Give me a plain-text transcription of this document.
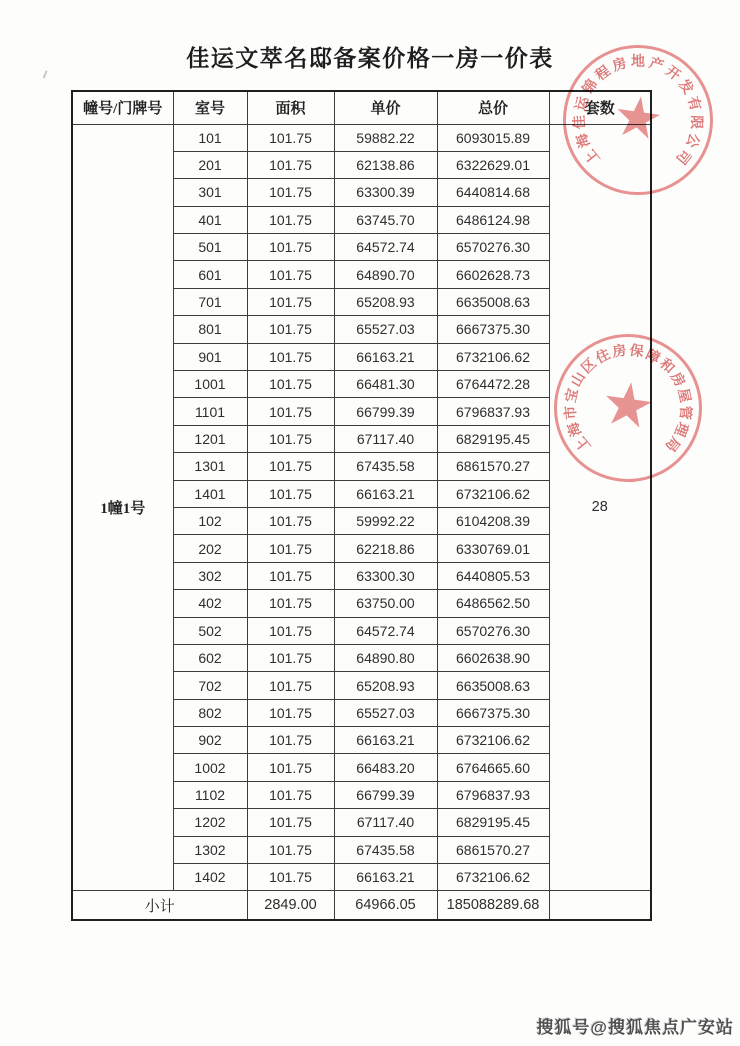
佳运文萃名邸备案价格一房一价表
幢号/门牌号	室号	面积	单价	总价	套数
1幢1号	101	101.75	59882.22	6093015.89	28
	201	101.75	62138.86	6322629.01	
	301	101.75	63300.39	6440814.68	
	401	101.75	63745.70	6486124.98	
	501	101.75	64572.74	6570276.30	
	601	101.75	64890.70	6602628.73	
	701	101.75	65208.93	6635008.63	
	801	101.75	65527.03	6667375.30	
	901	101.75	66163.21	6732106.62	
	1001	101.75	66481.30	6764472.28	
	1101	101.75	66799.39	6796837.93	
	1201	101.75	67117.40	6829195.45	
	1301	101.75	67435.58	6861570.27	
	1401	101.75	66163.21	6732106.62	
	102	101.75	59992.22	6104208.39	
	202	101.75	62218.86	6330769.01	
	302	101.75	63300.30	6440805.53	
	402	101.75	63750.00	6486562.50	
	502	101.75	64572.74	6570276.30	
	602	101.75	64890.80	6602638.90	
	702	101.75	65208.93	6635008.63	
	802	101.75	65527.03	6667375.30	
	902	101.75	66163.21	6732106.62	
	1002	101.75	66483.20	6764665.60	
	1102	101.75	66799.39	6796837.93	
	1202	101.75	67117.40	6829195.45	
	1302	101.75	67435.58	6861570.27	
	1402	101.75	66163.21	6732106.62	
小计		2849.00	64966.05	185088289.68	
★
上
海
佳
运
锦
程
房 地 产
开
发
有
限
公
司
★
上
海
市
宝
山
区
住
房 保
障
和
房
屋
管
理
局
搜狐号@搜狐焦点广安站
